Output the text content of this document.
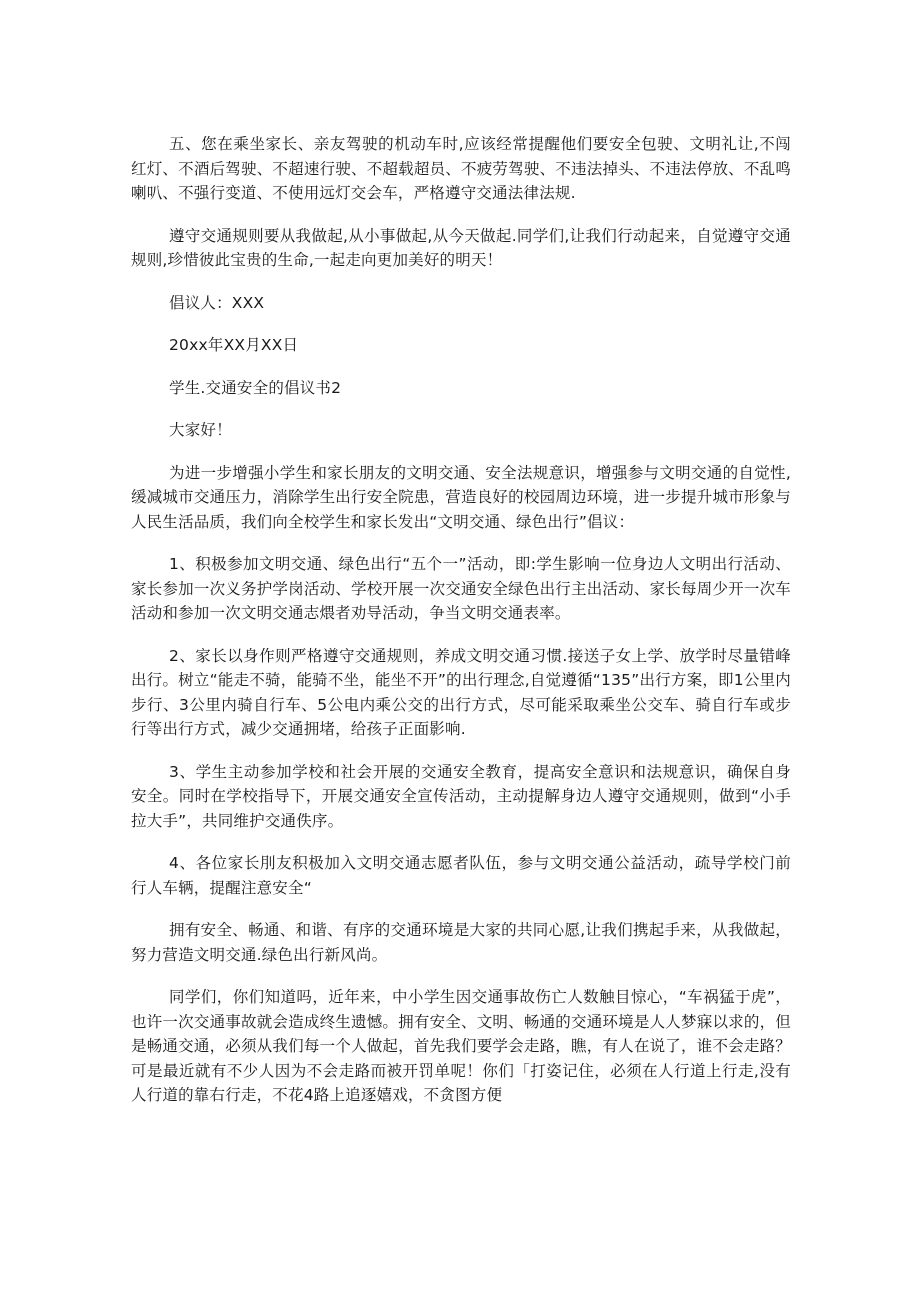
五、您在乘坐家长、亲友驾驶的机动车时,应该经常提醒他们要安全包驶、文明礼让,不闯红灯、不酒后驾驶、不超速行驶、不超载超员、不疲劳驾驶、不违法掉头、不违法停放、不乱鸣喇叭、不强行变道、不使用远灯交会车，严格遵守交通法律法规.

遵守交通规则要从我做起,从小事做起,从今天做起.同学们,让我们行动起来，自觉遵守交通规则,珍惜彼此宝贵的生命,一起走向更加美好的明天！

倡议人：XXX

20xx年XX月XX日

学生.交通安全的倡议书2

大家好！

为进一步增强小学生和家长朋友的文明交通、安全法规意识，增强参与文明交通的自觉性,缓减城市交通压力，消除学生出行安全院患，营造良好的校园周边环境，进一步提升城市形象与人民生活品质，我们向全校学生和家长发出“文明交通、绿色出行”倡议：

1、积极参加文明交通、绿色出行“五个一”活动，即:学生影响一位身边人文明出行活动、家长参加一次义务护学岗活动、学校开展一次交通安全绿色出行主出活动、家长每周少开一次车活动和参加一次文明交通志煨者劝导活动，争当文明交通表率。

2、家长以身作则严格遵守交通规则，养成文明交通习惯.接送子女上学、放学时尽量错峰出行。树立“能走不骑，能骑不坐，能坐不开”的出行理念,自觉遵循“135”出行方案，即1公里内步行、3公里内骑自行车、5公电内乘公交的出行方式，尽可能采取乘坐公交车、骑自行车或步行等出行方式，减少交通拥堵，给孩子正面影响.

3、学生主动参加学校和社会开展的交通安全教育，提高安全意识和法规意识，确保自身安全。同时在学校指导下，开展交通安全宣传活动，主动提解身边人遵守交通规则，做到“小手拉大手”，共同维护交通佚序。

4、各位家长刖友积极加入文明交通志愿者队伍，参与文明交通公益活动，疏导学校门前行人车辆，提醒注意安全“

拥有安全、畅通、和谐、有序的交通环境是大家的共同心愿,让我们携起手来，从我做起，努力营造文明交通.绿色出行新风尚。

同学们，你们知道吗，近年来，中小学生因交通事故伤亡人数触目惊心，“车祸猛于虎”，也许一次交通事故就会造成终生遗憾。拥有安全、文明、畅通的交通环境是人人梦寐以求的，但是畅通交通，必须从我们每一个人做起，首先我们要学会走路，瞧，有人在说了，谁不会走路？可是最近就有不少人因为不会走路而被开罚单呢！你们「打姿记住，必须在人行道上行走,没有人行道的靠右行走，不花4路上追逐嬉戏，不贪图方便
